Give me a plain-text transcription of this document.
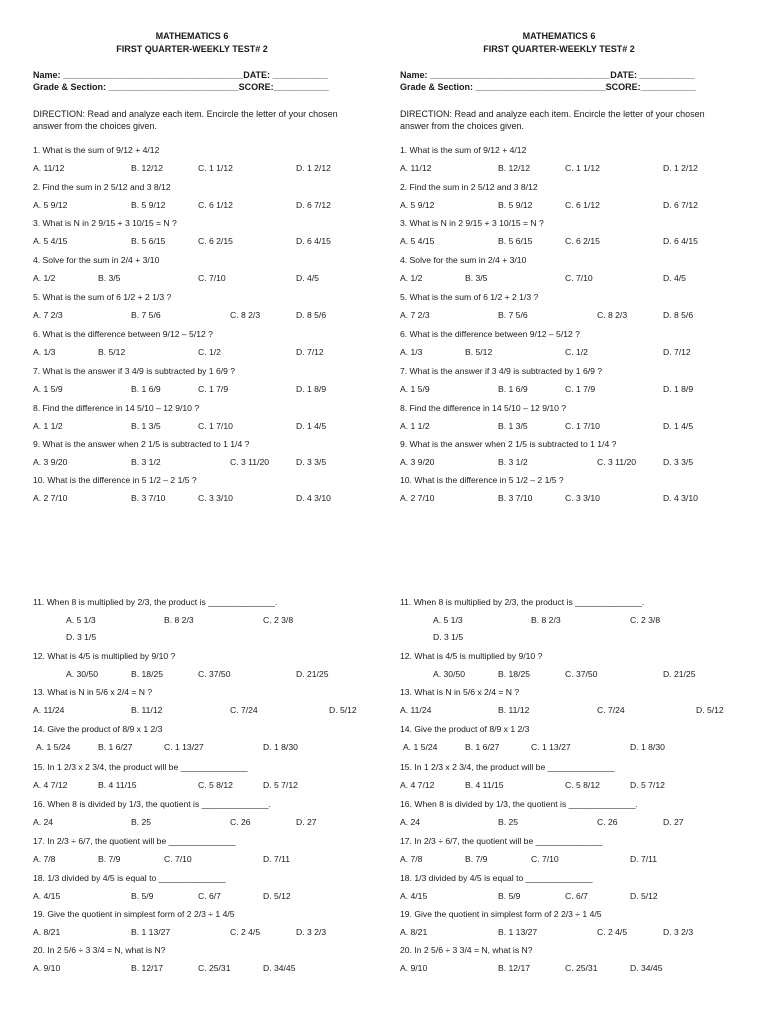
MATHEMATICS 6
FIRST QUARTER-WEEKLY TEST# 2
Name: ____________________________________DATE: ___________
Grade & Section: __________________________SCORE:___________
DIRECTION: Read and analyze each item. Encircle the letter of your chosen answer from the choices given.
1. What is the sum of 9/12 + 4/12
A. 11/12	B. 12/12	C. 1 1/12	D. 1 2/12
2. Find the sum in 2 5/12 and 3 8/12
A. 5 9/12	B. 5 9/12	C. 6 1/12	D. 6 7/12
3. What is N in 2 9/15 + 3 10/15 = N ?
A. 5 4/15	B. 5 6/15	C. 6 2/15	D. 6 4/15
4. Solve for the sum in 2/4 + 3/10
A. 1/2	B. 3/5	C. 7/10	D. 4/5
5. What is the sum of 6 1/2 + 2 1/3 ?
A. 7 2/3	B. 7 5/6	C. 8 2/3	D. 8 5/6
6. What is the difference between 9/12 – 5/12 ?
A. 1/3	B. 5/12	C. 1/2	D. 7/12
7. What is the answer if 3 4/9 is subtracted by 1 6/9 ?
A. 1 5/9	B. 1 6/9	C. 1 7/9	D. 1 8/9
8. Find the difference in 14 5/10 – 12 9/10 ?
A. 1 1/2	B. 1 3/5	C. 1 7/10	D. 1 4/5
9. What is the answer when 2 1/5 is subtracted to 1 1/4 ?
A. 3 9/20	B. 3 1/2	C. 3 11/20	D. 3 3/5
10. What is the difference in 5 1/2 – 2 1/5 ?
A. 2 7/10	B. 3 7/10	C. 3 3/10	D. 4 3/10
11. When 8 is multiplied by 2/3, the product is ______________.
A. 5 1/3	B. 8 2/3	C. 2 3/8
D. 3 1/5
12. What is 4/5 is multiplied by 9/10 ?
A. 30/50	B. 18/25	C. 37/50	D. 21/25
13. What is N in 5/6 x 2/4 = N ?
A. 11/24	B. 11/12	C. 7/24	D. 5/12
14. Give the product of 8/9 x 1 2/3
A. 1 5/24	B. 1 6/27	C. 1 13/27	D. 1 8/30
15. In 1 2/3 x 2 3/4, the product will be ______________
A. 4 7/12	B. 4 11/15	C. 5 8/12	D. 5 7/12
16. When 8 is divided by 1/3, the quotient is ______________.
A. 24	B. 25	C. 26	D. 27
17. In 2/3 ÷ 6/7, the quotient will be ______________
A. 7/8	B. 7/9	C. 7/10	D. 7/11
18. 1/3 divided by 4/5 is equal to ______________
A. 4/15	B. 5/9	C. 6/7	D. 5/12
19. Give the quotient in simplest form of 2 2/3 ÷ 1 4/5
A. 8/21	B. 1 13/27	C. 2 4/5	D. 3 2/3
20. In 2 5/6 ÷ 3 3/4 = N, what is N?
A. 9/10	B. 12/17	C. 25/31	D. 34/45
MATHEMATICS 6
FIRST QUARTER-WEEKLY TEST# 2
Name: ____________________________________DATE: ___________
Grade & Section: __________________________SCORE:___________
DIRECTION: Read and analyze each item. Encircle the letter of your chosen answer from the choices given.
1. What is the sum of 9/12 + 4/12
A. 11/12	B. 12/12	C. 1 1/12	D. 1 2/12
2. Find the sum in 2 5/12 and 3 8/12
A. 5 9/12	B. 5 9/12	C. 6 1/12	D. 6 7/12
3. What is N in 2 9/15 + 3 10/15 = N ?
A. 5 4/15	B. 5 6/15	C. 6 2/15	D. 6 4/15
4. Solve for the sum in 2/4 + 3/10
A. 1/2	B. 3/5	C. 7/10	D. 4/5
5. What is the sum of 6 1/2 + 2 1/3 ?
A. 7 2/3	B. 7 5/6	C. 8 2/3	D. 8 5/6
6. What is the difference between 9/12 – 5/12 ?
A. 1/3	B. 5/12	C. 1/2	D. 7/12
7. What is the answer if 3 4/9 is subtracted by 1 6/9 ?
A. 1 5/9	B. 1 6/9	C. 1 7/9	D. 1 8/9
8. Find the difference in 14 5/10 – 12 9/10 ?
A. 1 1/2	B. 1 3/5	C. 1 7/10	D. 1 4/5
9. What is the answer when 2 1/5 is subtracted to 1 1/4 ?
A. 3 9/20	B. 3 1/2	C. 3 11/20	D. 3 3/5
10. What is the difference in 5 1/2 – 2 1/5 ?
A. 2 7/10	B. 3 7/10	C. 3 3/10	D. 4 3/10
11. When 8 is multiplied by 2/3, the product is ______________.
A. 5 1/3	B. 8 2/3	C. 2 3/8
D. 3 1/5
12. What is 4/5 is multiplied by 9/10 ?
A. 30/50	B. 18/25	C. 37/50	D. 21/25
13. What is N in 5/6 x 2/4 = N ?
A. 11/24	B. 11/12	C. 7/24	D. 5/12
14. Give the product of 8/9 x 1 2/3
A. 1 5/24	B. 1 6/27	C. 1 13/27	D. 1 8/30
15. In 1 2/3 x 2 3/4, the product will be ______________
A. 4 7/12	B. 4 11/15	C. 5 8/12	D. 5 7/12
16. When 8 is divided by 1/3, the quotient is ______________.
A. 24	B. 25	C. 26	D. 27
17. In 2/3 ÷ 6/7, the quotient will be ______________
A. 7/8	B. 7/9	C. 7/10	D. 7/11
18. 1/3 divided by 4/5 is equal to ______________
A. 4/15	B. 5/9	C. 6/7	D. 5/12
19. Give the quotient in simplest form of 2 2/3 ÷ 1 4/5
A. 8/21	B. 1 13/27	C. 2 4/5	D. 3 2/3
20. In 2 5/6 ÷ 3 3/4 = N, what is N?
A. 9/10	B. 12/17	C. 25/31	D. 34/45
